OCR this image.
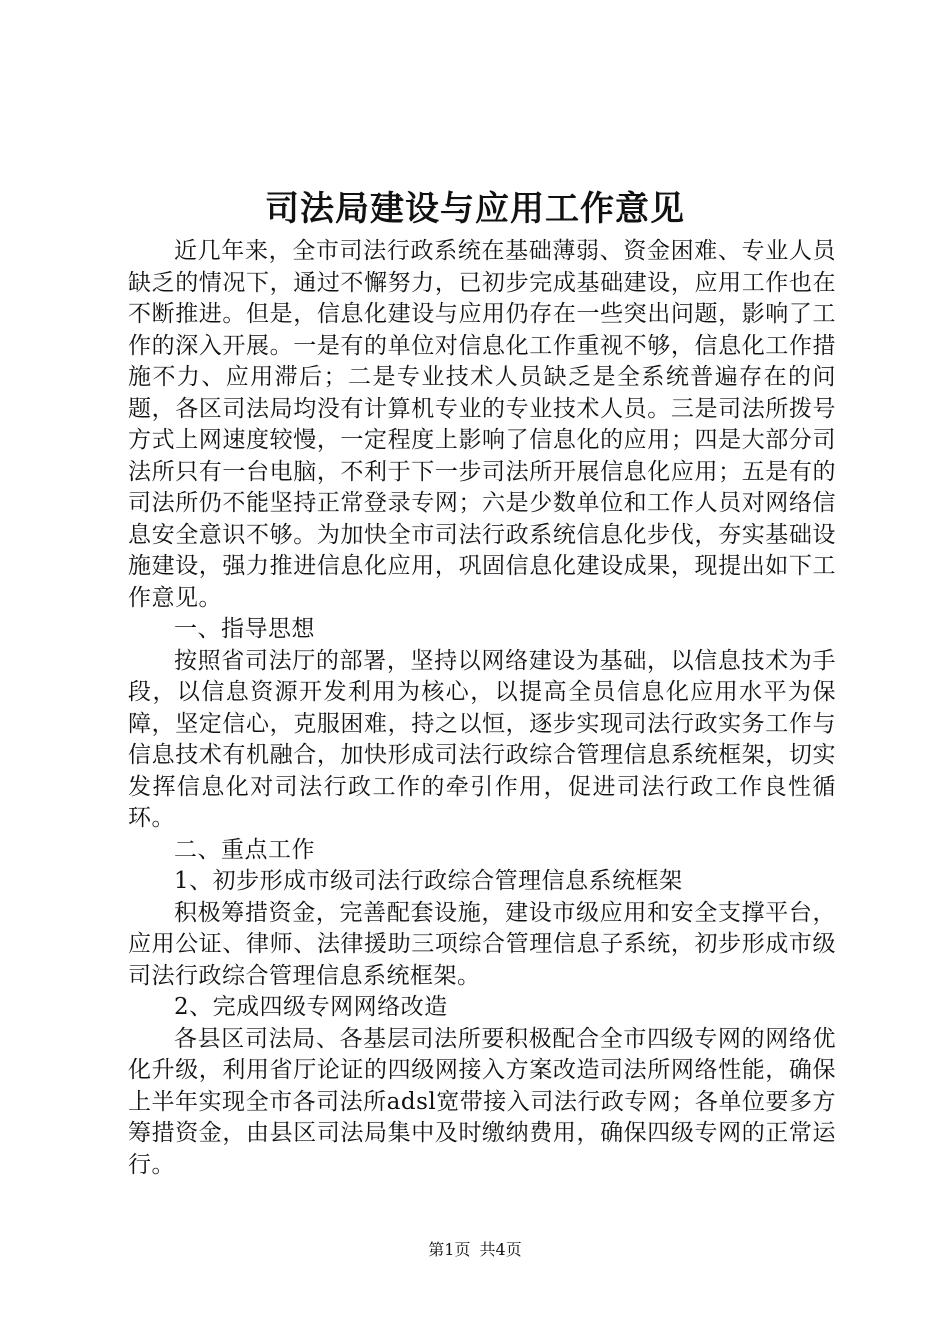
司法局建设与应用工作意见

近几年来，全市司法行政系统在基础薄弱、资金困难、专业人员缺乏的情况下，通过不懈努力，已初步完成基础建设，应用工作也在不断推进。但是，信息化建设与应用仍存在一些突出问题，影响了工作的深入开展。一是有的单位对信息化工作重视不够，信息化工作措施不力、应用滞后；二是专业技术人员缺乏是全系统普遍存在的问题，各区司法局均没有计算机专业的专业技术人员。三是司法所拨号方式上网速度较慢，一定程度上影响了信息化的应用；四是大部分司法所只有一台电脑，不利于下一步司法所开展信息化应用；五是有的司法所仍不能坚持正常登录专网；六是少数单位和工作人员对网络信息安全意识不够。为加快全市司法行政系统信息化步伐，夯实基础设施建设，强力推进信息化应用，巩固信息化建设成果，现提出如下工作意见。

一、指导思想

按照省司法厅的部署，坚持以网络建设为基础，以信息技术为手段，以信息资源开发利用为核心，以提高全员信息化应用水平为保障，坚定信心，克服困难，持之以恒，逐步实现司法行政实务工作与信息技术有机融合，加快形成司法行政综合管理信息系统框架，切实发挥信息化对司法行政工作的牵引作用，促进司法行政工作良性循环。

二、重点工作

1、初步形成市级司法行政综合管理信息系统框架

积极筹措资金，完善配套设施，建设市级应用和安全支撑平台，应用公证、律师、法律援助三项综合管理信息子系统，初步形成市级司法行政综合管理信息系统框架。

2、完成四级专网网络改造

各县区司法局、各基层司法所要积极配合全市四级专网的网络优化升级，利用省厅论证的四级网接入方案改造司法所网络性能，确保上半年实现全市各司法所adsl宽带接入司法行政专网；各单位要多方筹措资金，由县区司法局集中及时缴纳费用，确保四级专网的正常运行。

第1页 共4页
